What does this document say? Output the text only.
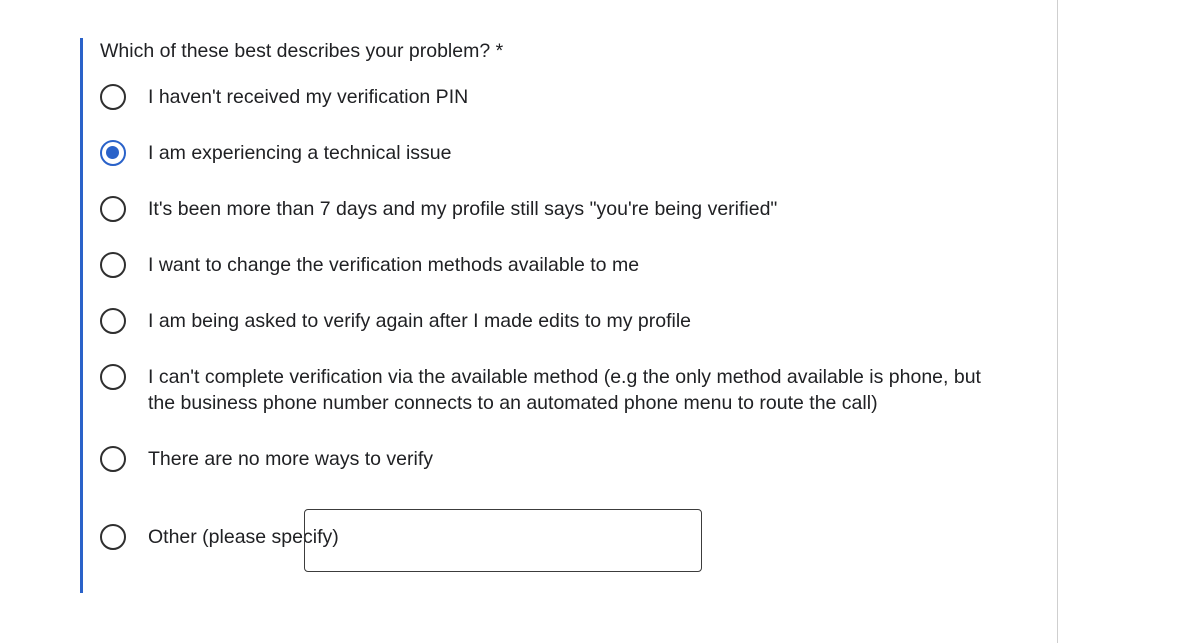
Which of these best describes your problem? *
I haven't received my verification PIN
I am experiencing a technical issue
It's been more than 7 days and my profile still says "you're being verified"
I want to change the verification methods available to me
I am being asked to verify again after I made edits to my profile
I can't complete verification via the available method (e.g the only method available is phone, but the business phone number connects to an automated phone menu to route the call)
There are no more ways to verify
Other (please specify)
